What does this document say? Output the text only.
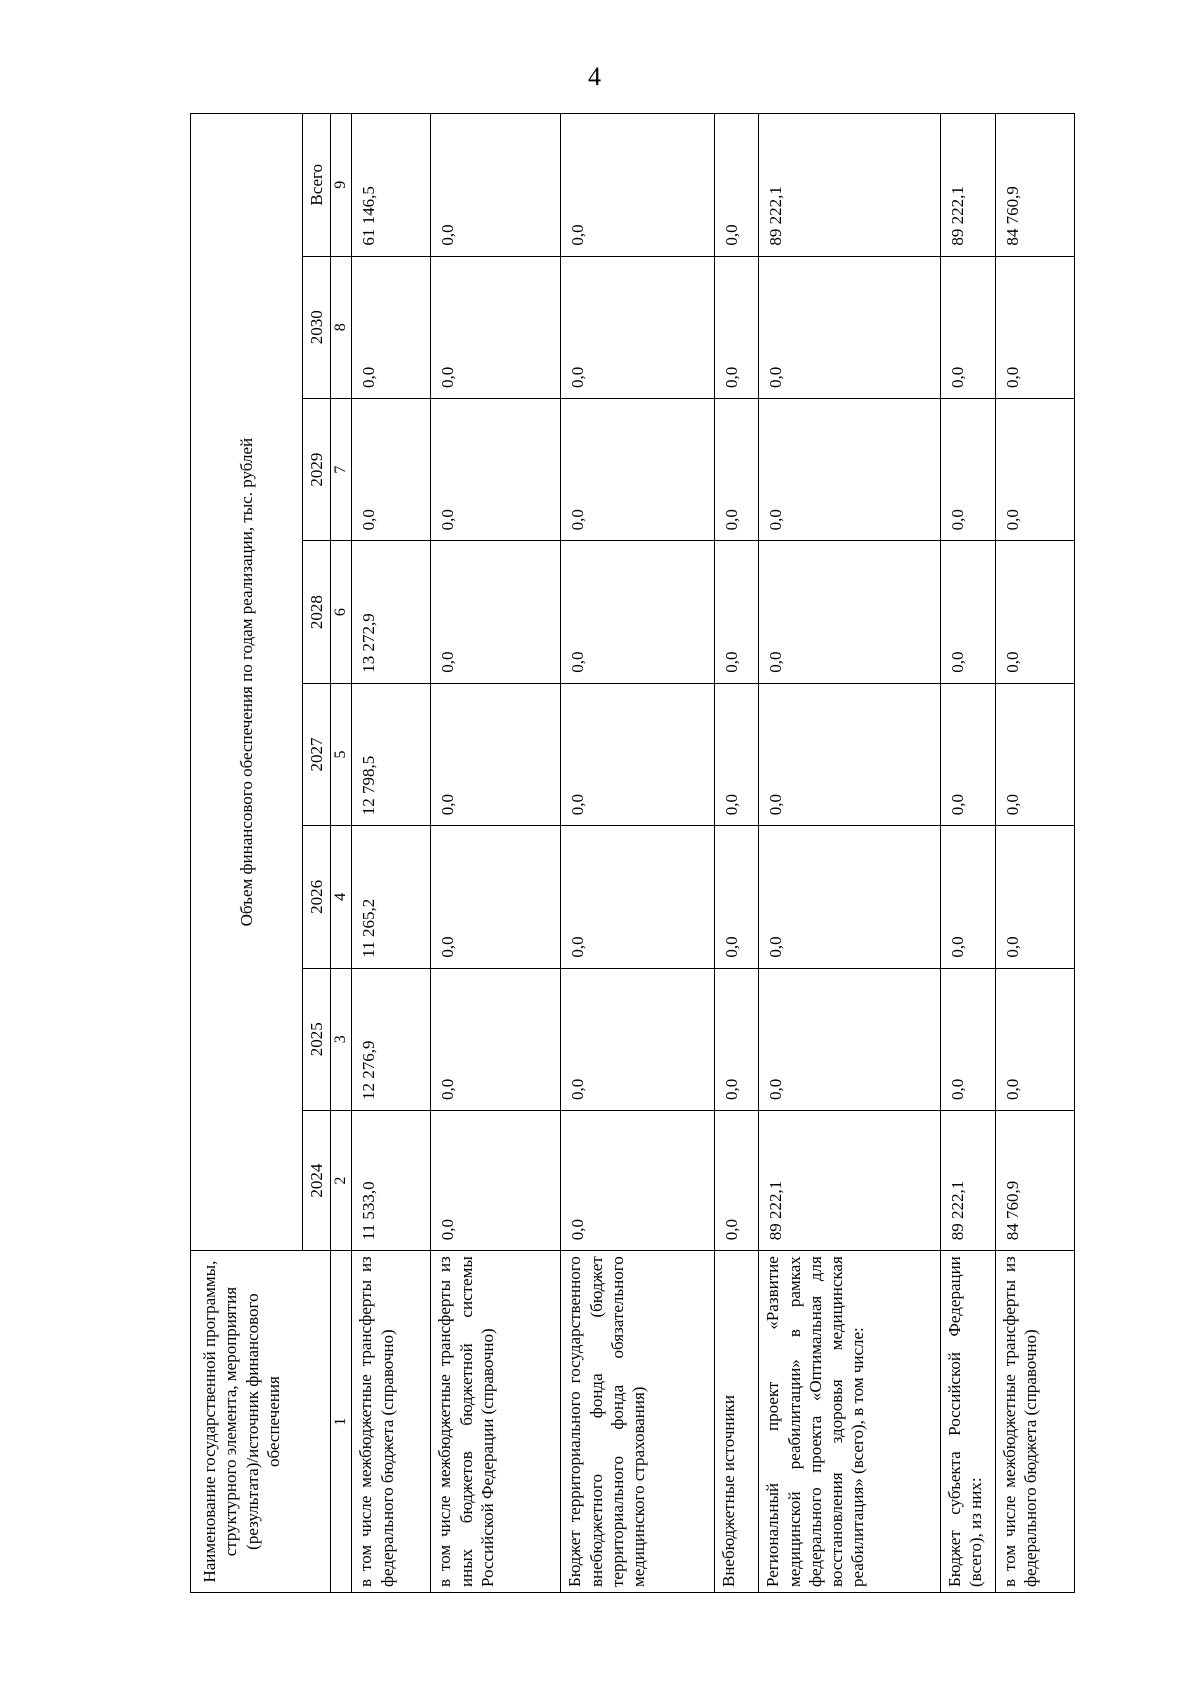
4
Наименование государственной программы, структурного элемента, мероприятия (результата)/источник финансового обеспечения	Объем финансового обеспечения по годам реализации, тыс. рублей							
	2024	2025	2026	2027	2028	2029	2030	Всего
1	2	3	4	5	6	7	8	9
в том числе межбюджетные трансферты из федерального бюджета (справочно)	11 533,0	12 276,9	11 265,2	12 798,5	13 272,9	0,0	0,0	61 146,5
в том числе межбюджетные трансферты из иных бюджетов бюджетной системы Российской Федерации (справочно)	0,0	0,0	0,0	0,0	0,0	0,0	0,0	0,0
Бюджет территориального государственного внебюджетного фонда (бюджет территориального фонда обязательного медицинского страхования)	0,0	0,0	0,0	0,0	0,0	0,0	0,0	0,0
Внебюджетные источники	0,0	0,0	0,0	0,0	0,0	0,0	0,0	0,0
Региональный проект «Развитие медицинской реабилитации» в рамках федерального проекта «Оптимальная для восстановления здоровья медицинская реабилитация» (всего), в том числе:	89 222,1	0,0	0,0	0,0	0,0	0,0	0,0	89 222,1
Бюджет субъекта Российской Федерации (всего), из них:	89 222,1	0,0	0,0	0,0	0,0	0,0	0,0	89 222,1
в том числе межбюджетные трансферты из федерального бюджета (справочно)	84 760,9	0,0	0,0	0,0	0,0	0,0	0,0	84 760,9
